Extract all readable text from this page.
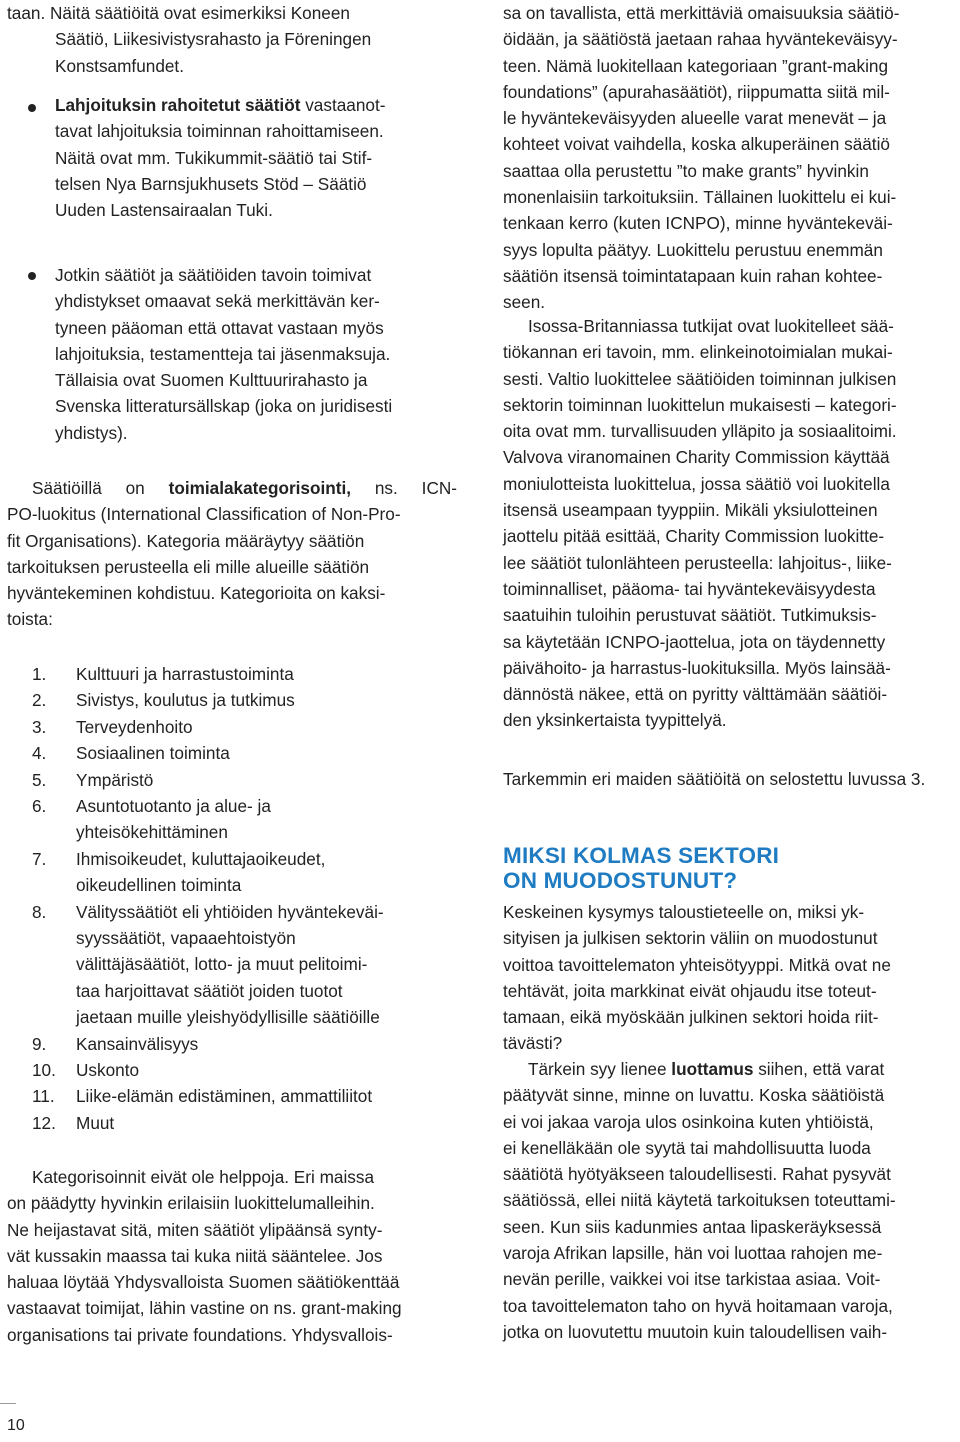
taan. Näitä säätiöitä ovat esimerkiksi Koneen
Säätiö, Liikesivistysrahasto ja Föreningen
Konstsamfundet.
Lahjoituksin rahoitetut säätiöt vastaanot-
tavat lahjoituksia toiminnan rahoittamiseen.
Näitä ovat mm. Tukikummit-säätiö tai Stif-
telsen Nya Barnsjukhusets Stöd – Säätiö
Uuden Lastensairaalan Tuki.
Jotkin säätiöt ja säätiöiden tavoin toimivat
yhdistykset omaavat sekä merkittävän ker-
tyneen pääoman että ottavat vastaan myös
lahjoituksia, testamentteja tai jäsenmaksuja.
Tällaisia ovat Suomen Kulttuurirahasto ja
Svenska litteratursällskap (joka on juridisesti
yhdistys).
Säätiöillä on toimialakategorisointi, ns. ICN-
PO-luokitus (International Classification of Non-Pro-
fit Organisations). Kategoria määräytyy säätiön
tarkoituksen perusteella eli mille alueille säätiön
hyväntekeminen kohdistuu. Kategorioita on kaksi-
toista:
1. Kulttuuri ja harrastustoiminta
2. Sivistys, koulutus ja tutkimus
3. Terveydenhoito
4. Sosiaalinen toiminta
5. Ympäristö
6. Asuntotuotanto ja alue- ja
yhteisökehittäminen
7. Ihmisoikeudet, kuluttajaoikeudet,
oikeudellinen toiminta
8. Välityssäätiöt eli yhtiöiden hyväntekeväi-
syyssäätiöt, vapaaehtoistyön
välittäjäsäätiöt, lotto- ja muut pelitoimi-
taa harjoittavat säätiöt joiden tuotot
jaetaan muille yleishyödyllisille säätiöille
9. Kansainvälisyys
10. Uskonto
11. Liike-elämän edistäminen, ammattiliitot
12. Muut
Kategorisoinnit eivät ole helppoja. Eri maissa
on päädytty hyvinkin erilaisiin luokittelumalleihin.
Ne heijastavat sitä, miten säätiöt ylipäänsä synty-
vät kussakin maassa tai kuka niitä sääntelee. Jos
haluaa löytää Yhdysvalloista Suomen säätiökenttää
vastaavat toimijat, lähin vastine on ns. grant-making
organisations tai private foundations. Yhdysvallois-
sa on tavallista, että merkittäviä omaisuuksia säätiö-
öidään, ja säätiöstä jaetaan rahaa hyväntekeväisyy-
teen. Nämä luokitellaan kategoriaan ”grant-making
foundations” (apurahasäätiöt), riippumatta siitä mil-
le hyväntekeväisyyden alueelle varat menevät – ja
kohteet voivat vaihdella, koska alkuperäinen säätiö
saattaa olla perustettu ”to make grants” hyvinkin
monenlaisiin tarkoituksiin. Tällainen luokittelu ei kui-
tenkaan kerro (kuten ICNPO), minne hyväntekeväi-
syys lopulta päätyy. Luokittelu perustuu enemmän
säätiön itsensä toimintatapaan kuin rahan kohtee-
seen.
Isossa-Britanniassa tutkijat ovat luokitelleet sää-
tiökannan eri tavoin, mm. elinkeinotoimialan mukai-
sesti. Valtio luokittelee säätiöiden toiminnan julkisen
sektorin toiminnan luokittelun mukaisesti – kategori-
oita ovat mm. turvallisuuden ylläpito ja sosiaalitoimi.
Valvova viranomainen Charity Commission käyttää
moniulotteista luokittelua, jossa säätiö voi luokitella
itsensä useampaan tyyppiin. Mikäli yksiulotteinen
jaottelu pitää esittää, Charity Commission luokitte-
lee säätiöt tulonlähteen perusteella: lahjoitus-, liike-
toiminnalliset, pääoma- tai hyväntekeväisyydesta
saatuihin tuloihin perustuvat säätiöt. Tutkimuksis-
sa käytetään ICNPO-jaottelua, jota on täydennetty
päivähoito- ja harrastus-luokituksilla. Myös lainsää-
dännöstä näkee, että on pyritty välttämään säätiöi-
den yksinkertaista tyypittelyä.
Tarkemmin eri maiden säätiöitä on selostettu luvussa 3.
MIKSI KOLMAS SEKTORI
ON MUODOSTUNUT?
Keskeinen kysymys taloustieteelle on, miksi yk-
sityisen ja julkisen sektorin väliin on muodostunut
voittoa tavoittelematon yhteisötyyppi. Mitkä ovat ne
tehtävät, joita markkinat eivät ohjaudu itse toteut-
tamaan, eikä myöskään julkinen sektori hoida riit-
tävästi?
Tärkein syy lienee luottamus siihen, että varat
päätyvät sinne, minne on luvattu. Koska säätiöistä
ei voi jakaa varoja ulos osinkoina kuten yhtiöistä,
ei kenelläkään ole syytä tai mahdollisuutta luoda
säätiötä hyötyäkseen taloudellisesti. Rahat pysyvät
säätiössä, ellei niitä käytetä tarkoituksen toteuttami-
seen. Kun siis kadunmies antaa lipaskeräyksessä
varoja Afrikan lapsille, hän voi luottaa rahojen me-
nevän perille, vaikkei voi itse tarkistaa asiaa. Voit-
toa tavoittelematon taho on hyvä hoitamaan varoja,
jotka on luovutettu muutoin kuin taloudellisen vaih-
10
